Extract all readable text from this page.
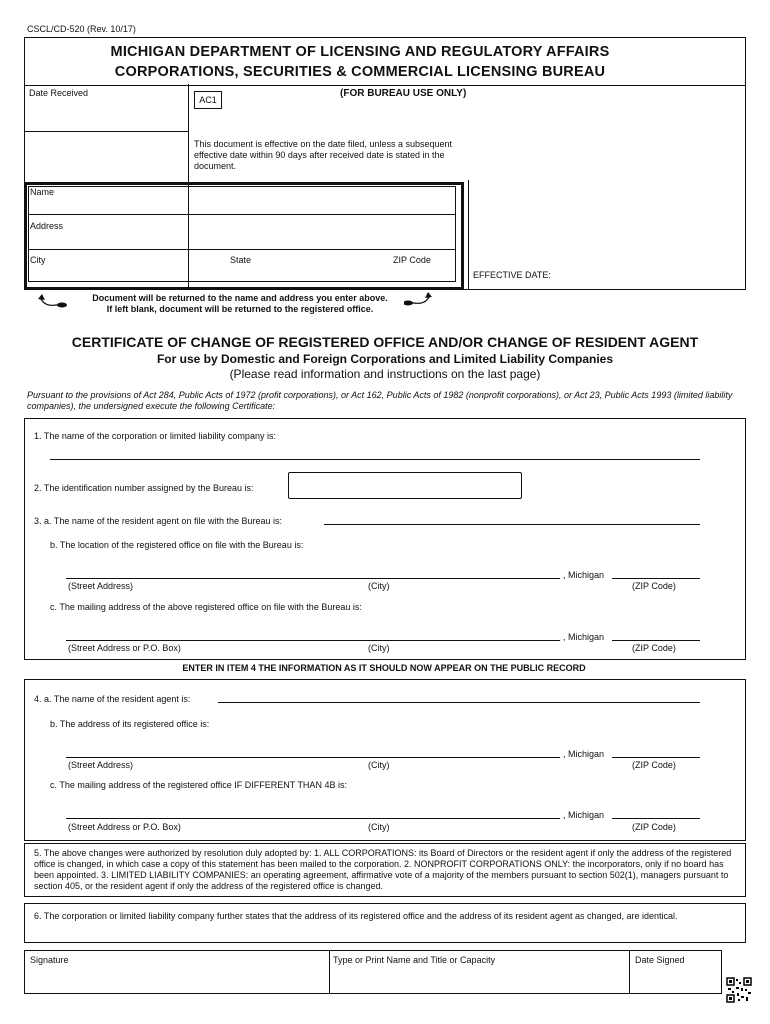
CSCL/CD-520 (Rev. 10/17)
MICHIGAN DEPARTMENT OF LICENSING AND REGULATORY AFFAIRS
CORPORATIONS, SECURITIES & COMMERCIAL LICENSING BUREAU
Date Received	(FOR BUREAU USE ONLY)
AC1
This document is effective on the date filed, unless a subsequent effective date within 90 days after received date is stated in the document.
EFFECTIVE DATE:
Name
Address
City	State	ZIP Code
Document will be returned to the name and address you enter above.
If left blank, document will be returned to the registered office.
CERTIFICATE OF CHANGE OF REGISTERED OFFICE AND/OR CHANGE OF RESIDENT AGENT
For use by Domestic and Foreign Corporations and Limited Liability Companies
(Please read information and instructions on the last page)
Pursuant to the provisions of Act 284, Public Acts of 1972 (profit corporations), or Act 162, Public Acts of 1982 (nonprofit corporations), or Act 23, Public Acts 1993 (limited liability companies), the undersigned execute the following Certificate:
1. The name of the corporation or limited liability company is:
2. The identification number assigned by the Bureau is:
3. a. The name of the resident agent on file with the Bureau is:
b. The location of the registered office on file with the Bureau is:
, Michigan
(Street Address)	(City)	(ZIP Code)
c. The mailing address of the above registered office on file with the Bureau is:
, Michigan
(Street Address or P.O. Box)	(City)	(ZIP Code)
ENTER IN ITEM 4 THE INFORMATION AS IT SHOULD NOW APPEAR ON THE PUBLIC RECORD
4. a. The name of the resident agent is:
b. The address of its registered office is:
, Michigan
(Street Address)	(City)	(ZIP Code)
c. The mailing address of the registered office IF DIFFERENT THAN 4B is:
, Michigan
(Street Address or P.O. Box)	(City)	(ZIP Code)
5. The above changes were authorized by resolution duly adopted by: 1. ALL CORPORATIONS: its Board of Directors or the resident agent if only the address of the registered office is changed, in which case a copy of this statement has been mailed to the corporation. 2. NONPROFIT CORPORATIONS ONLY: the incorporators, only if no board has been appointed. 3. LIMITED LIABILITY COMPANIES: an operating agreement, affirmative vote of a majority of the members pursuant to section 502(1), managers pursuant to section 405, or the resident agent if only the address of the registered office is changed.
6. The corporation or limited liability company further states that the address of its registered office and the address of its resident agent as changed, are identical.
Signature	Type or Print Name and Title or Capacity	Date Signed
